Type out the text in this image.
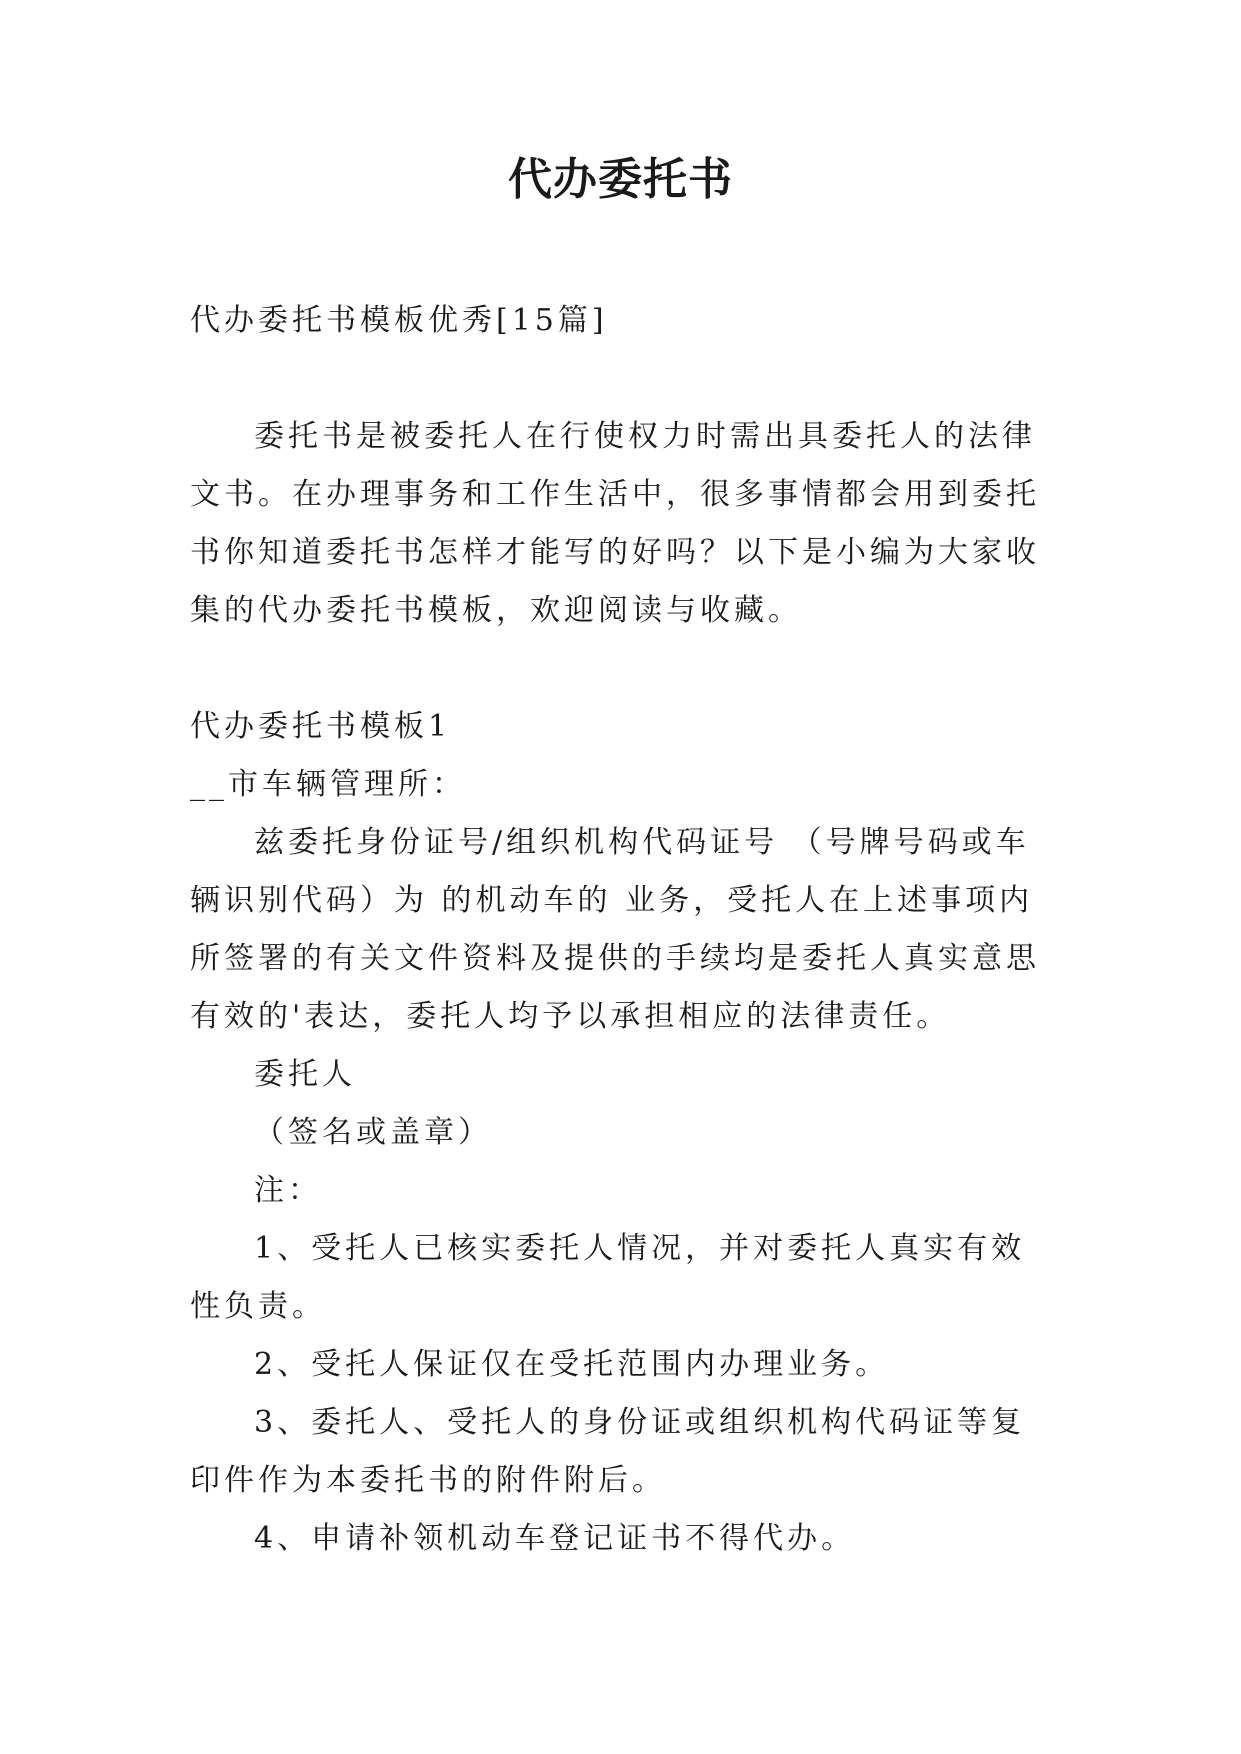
代办委托书

代办委托书模板优秀[15篇]

委托书是被委托人在行使权力时需出具委托人的法律文书。在办理事务和工作生活中，很多事情都会用到委托书你知道委托书怎样才能写的好吗？以下是小编为大家收集的代办委托书模板，欢迎阅读与收藏。

代办委托书模板1

__市车辆管理所：

兹委托身份证号/组织机构代码证号 （号牌号码或车辆识别代码）为 的机动车的 业务，受托人在上述事项内所签署的有关文件资料及提供的手续均是委托人真实意思有效的'表达，委托人均予以承担相应的法律责任。

委托人

（签名或盖章）

注：

1、受托人已核实委托人情况，并对委托人真实有效性负责。

2、受托人保证仅在受托范围内办理业务。

3、委托人、受托人的身份证或组织机构代码证等复印件作为本委托书的附件附后。

4、申请补领机动车登记证书不得代办。
